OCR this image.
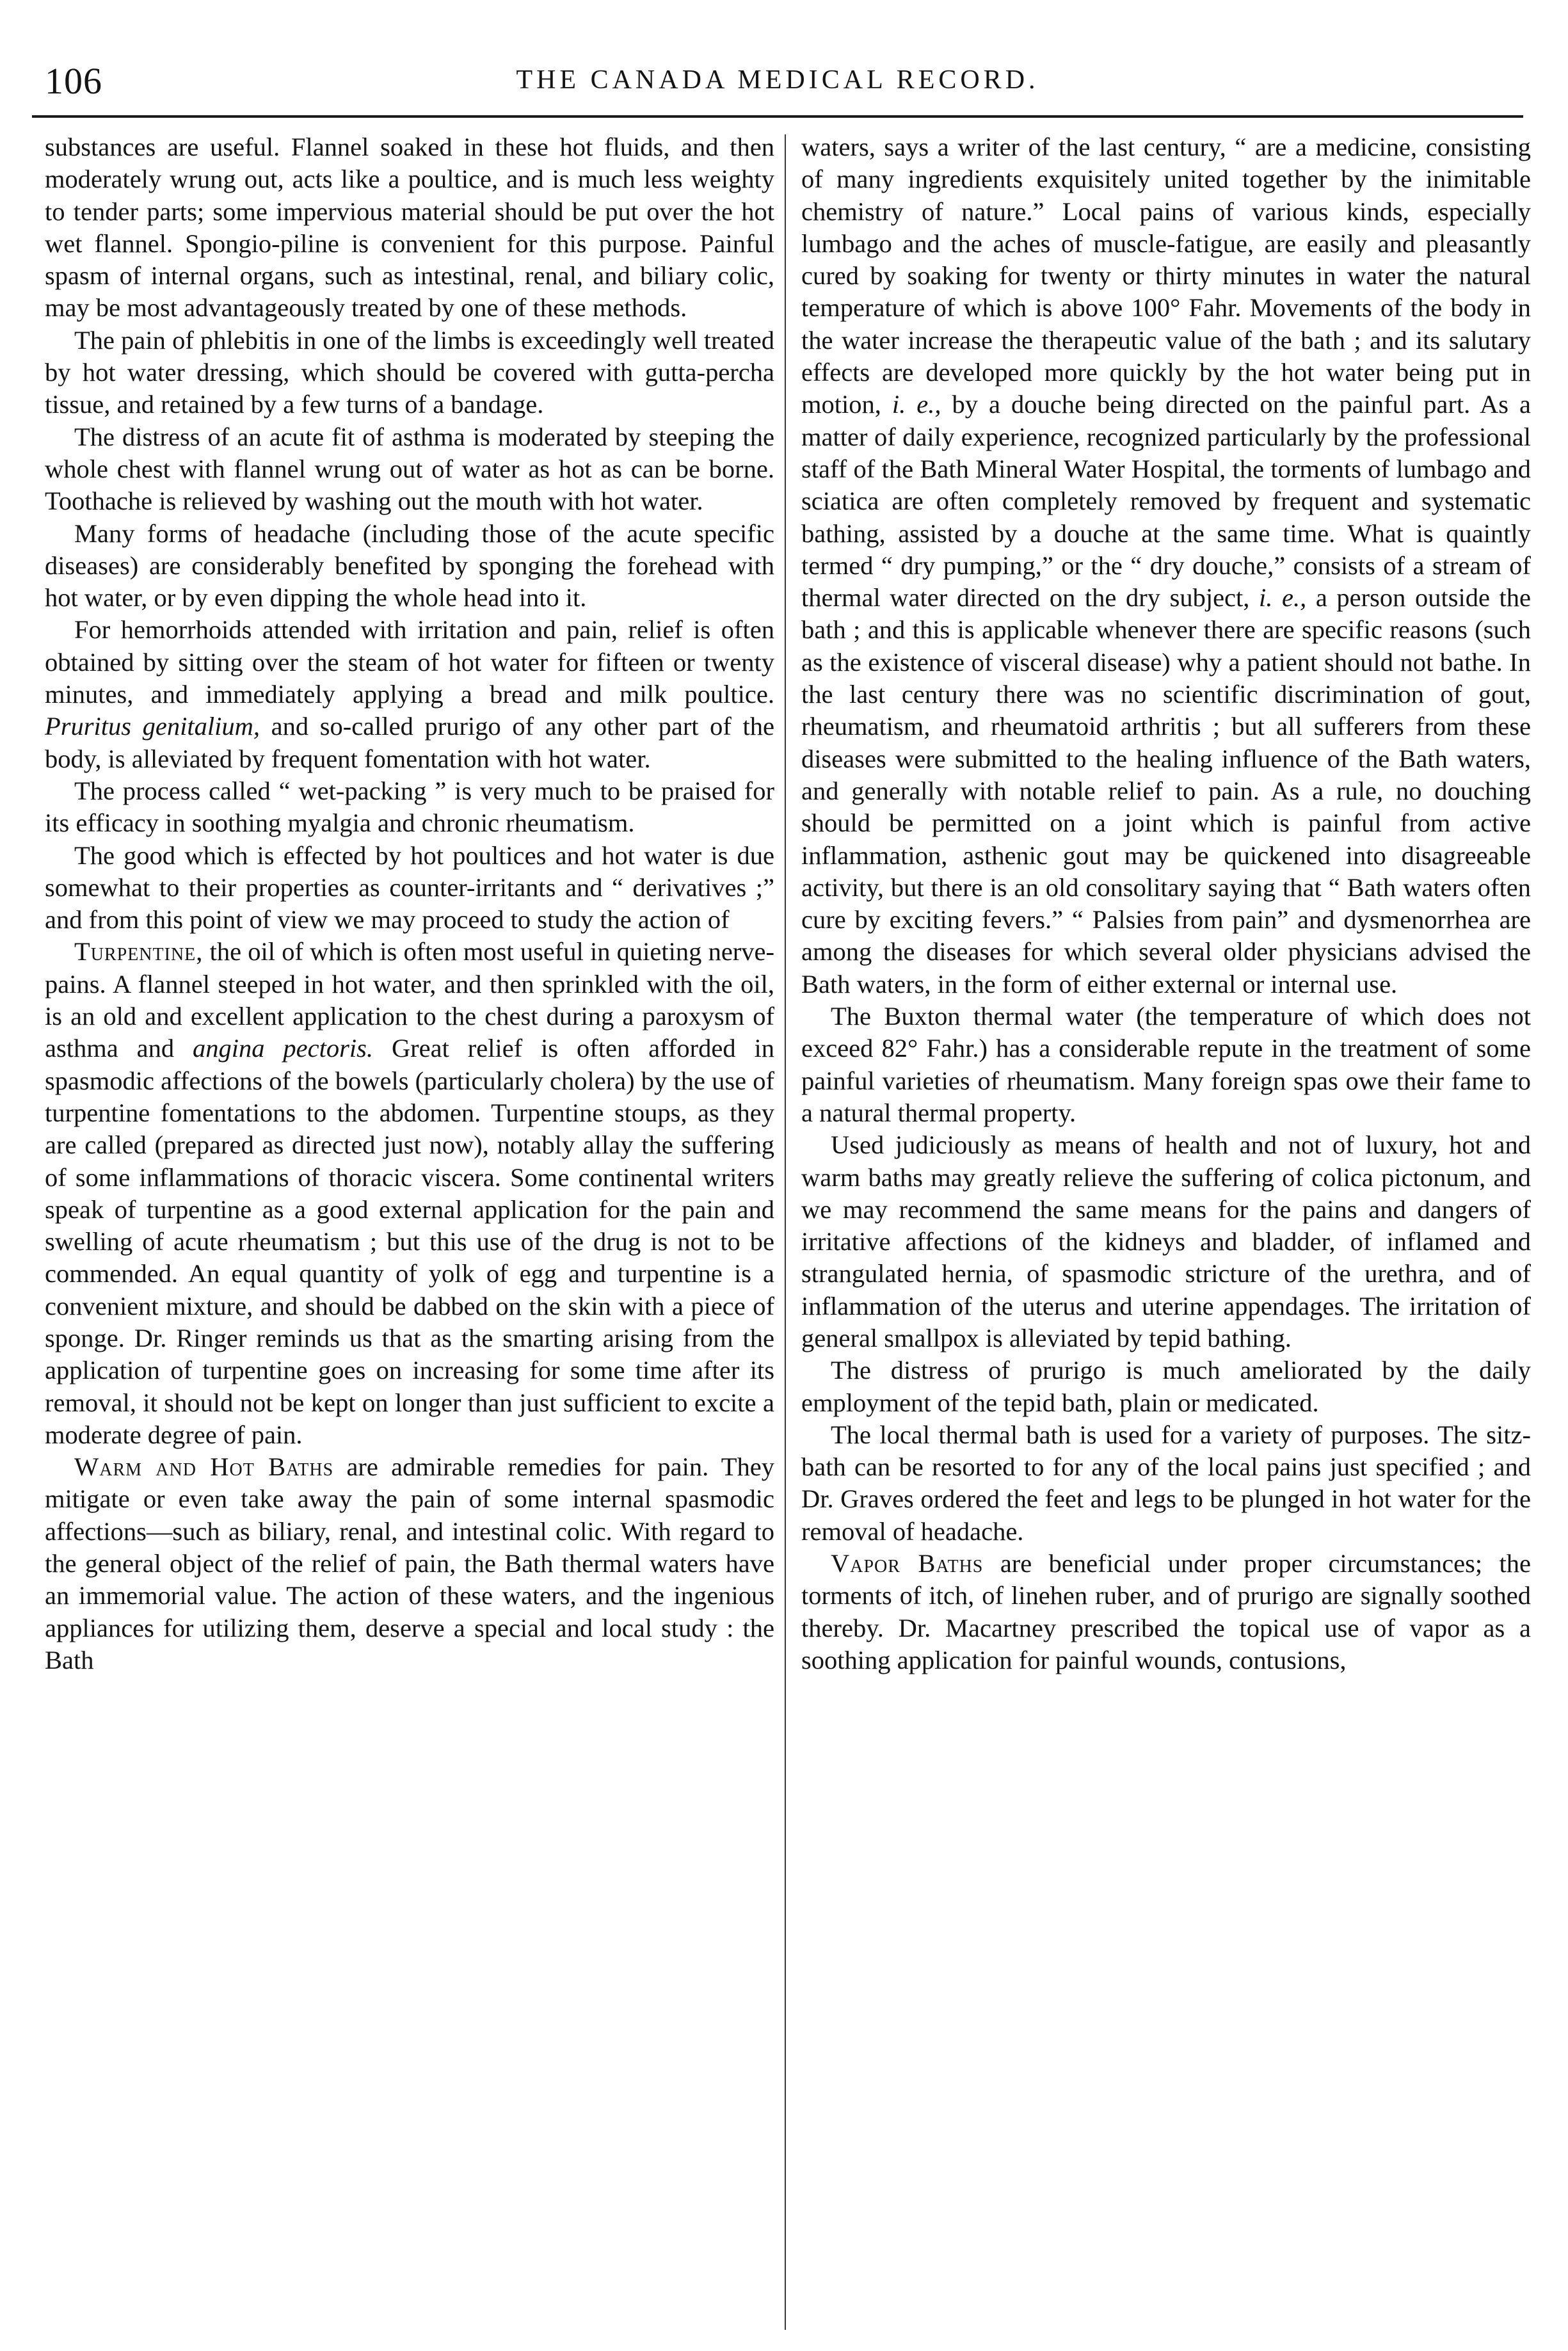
106	THE CANADA MEDICAL RECORD.

substances are useful. Flannel soaked in these hot fluids, and then moderately wrung out, acts like a poultice, and is much less weighty to tender parts; some impervious material should be put over the hot wet flannel. Spongio-piline is convenient for this purpose. Painful spasm of internal organs, such as intestinal, renal, and biliary colic, may be most advantageously treated by one of these methods.

The pain of phlebitis in one of the limbs is exceedingly well treated by hot water dressing, which should be covered with gutta-percha tissue, and retained by a few turns of a bandage.

The distress of an acute fit of asthma is moderated by steeping the whole chest with flannel wrung out of water as hot as can be borne. Toothache is relieved by washing out the mouth with hot water.

Many forms of headache (including those of the acute specific diseases) are considerably benefited by sponging the forehead with hot water, or by even dipping the whole head into it.

For hemorrhoids attended with irritation and pain, relief is often obtained by sitting over the steam of hot water for fifteen or twenty minutes, and immediately applying a bread and milk poultice. Pruritus genitalium, and so-called prurigo of any other part of the body, is alleviated by frequent fomentation with hot water.

The process called “ wet-packing ” is very much to be praised for its efficacy in soothing myalgia and chronic rheumatism.

The good which is effected by hot poultices and hot water is due somewhat to their properties as counter-irritants and “ derivatives ;” and from this point of view we may proceed to study the action of

Turpentine, the oil of which is often most useful in quieting nerve-pains. A flannel steeped in hot water, and then sprinkled with the oil, is an old and excellent application to the chest during a paroxysm of asthma and angina pectoris. Great relief is often afforded in spasmodic affections of the bowels (particularly cholera) by the use of turpentine fomentations to the abdomen. Turpentine stoups, as they are called (prepared as directed just now), notably allay the suffering of some inflammations of thoracic viscera. Some continental writers speak of turpentine as a good external application for the pain and swelling of acute rheumatism ; but this use of the drug is not to be commended. An equal quantity of yolk of egg and turpentine is a convenient mixture, and should be dabbed on the skin with a piece of sponge. Dr. Ringer reminds us that as the smarting arising from the application of turpentine goes on increasing for some time after its removal, it should not be kept on longer than just sufficient to excite a moderate degree of pain.

Warm and Hot Baths are admirable remedies for pain. They mitigate or even take away the pain of some internal spasmodic affections—such as biliary, renal, and intestinal colic. With regard to the general object of the relief of pain, the Bath thermal waters have an immemorial value. The action of these waters, and the ingenious appliances for utilizing them, deserve a special and local study : the Bath

waters, says a writer of the last century, “ are a medicine, consisting of many ingredients exquisitely united together by the inimitable chemistry of nature.” Local pains of various kinds, especially lumbago and the aches of muscle-fatigue, are easily and pleasantly cured by soaking for twenty or thirty minutes in water the natural temperature of which is above 100° Fahr. Movements of the body in the water increase the therapeutic value of the bath ; and its salutary effects are developed more quickly by the hot water being put in motion, i. e., by a douche being directed on the painful part. As a matter of daily experience, recognized particularly by the professional staff of the Bath Mineral Water Hospital, the torments of lumbago and sciatica are often completely removed by frequent and systematic bathing, assisted by a douche at the same time. What is quaintly termed “ dry pumping,” or the “ dry douche,” consists of a stream of thermal water directed on the dry subject, i. e., a person outside the bath ; and this is applicable whenever there are specific reasons (such as the existence of visceral disease) why a patient should not bathe. In the last century there was no scientific discrimination of gout, rheumatism, and rheumatoid arthritis ; but all sufferers from these diseases were submitted to the healing influence of the Bath waters, and generally with notable relief to pain. As a rule, no douching should be permitted on a joint which is painful from active inflammation, asthenic gout may be quickened into disagreeable activity, but there is an old consolitary saying that “ Bath waters often cure by exciting fevers.” “ Palsies from pain” and dysmenorrhea are among the diseases for which several older physicians advised the Bath waters, in the form of either external or internal use.

The Buxton thermal water (the temperature of which does not exceed 82° Fahr.) has a considerable repute in the treatment of some painful varieties of rheumatism. Many foreign spas owe their fame to a natural thermal property.

Used judiciously as means of health and not of luxury, hot and warm baths may greatly relieve the suffering of colica pictonum, and we may recommend the same means for the pains and dangers of irritative affections of the kidneys and bladder, of inflamed and strangulated hernia, of spasmodic stricture of the urethra, and of inflammation of the uterus and uterine appendages. The irritation of general smallpox is alleviated by tepid bathing.

The distress of prurigo is much ameliorated by the daily employment of the tepid bath, plain or medicated.

The local thermal bath is used for a variety of purposes. The sitz-bath can be resorted to for any of the local pains just specified ; and Dr. Graves ordered the feet and legs to be plunged in hot water for the removal of headache.

Vapor Baths are beneficial under proper circumstances; the torments of itch, of linehen ruber, and of prurigo are signally soothed thereby. Dr. Macartney prescribed the topical use of vapor as a soothing application for painful wounds, contusions,
